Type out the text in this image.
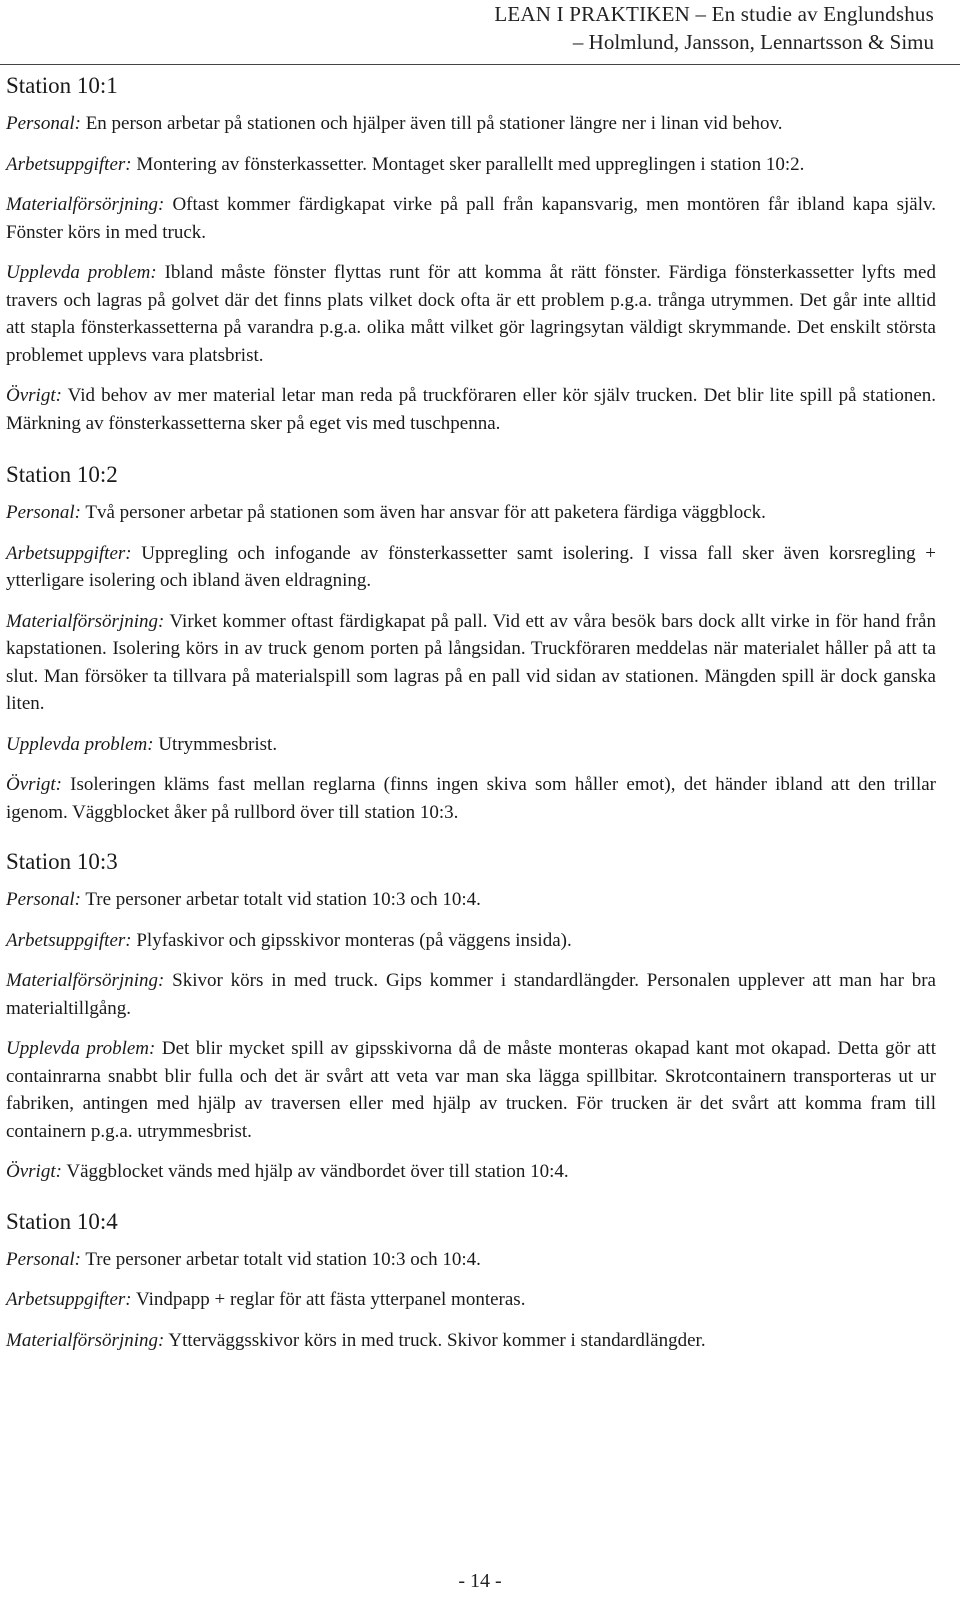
LEAN I PRAKTIKEN – En studie av Englundshus
– Holmlund, Jansson, Lennartsson & Simu
Station 10:1

Personal: En person arbetar på stationen och hjälper även till på stationer längre ner i linan vid behov.

Arbetsuppgifter: Montering av fönsterkassetter. Montaget sker parallellt med uppreglingen i station 10:2.

Materialförsörjning: Oftast kommer färdigkapat virke på pall från kapansvarig, men montören får ibland kapa själv. Fönster körs in med truck.

Upplevda problem: Ibland måste fönster flyttas runt för att komma åt rätt fönster. Färdiga fönsterkassetter lyfts med travers och lagras på golvet där det finns plats vilket dock ofta är ett problem p.g.a. trånga utrymmen. Det går inte alltid att stapla fönsterkassetterna på varandra p.g.a. olika mått vilket gör lagringsytan väldigt skrymmande. Det enskilt största problemet upplevs vara platsbrist.

Övrigt: Vid behov av mer material letar man reda på truckföraren eller kör själv trucken. Det blir lite spill på stationen. Märkning av fönsterkassetterna sker på eget vis med tuschpenna.

Station 10:2

Personal: Två personer arbetar på stationen som även har ansvar för att paketera färdiga väggblock.

Arbetsuppgifter: Uppregling och infogande av fönsterkassetter samt isolering. I vissa fall sker även korsregling + ytterligare isolering och ibland även eldragning.

Materialförsörjning: Virket kommer oftast färdigkapat på pall. Vid ett av våra besök bars dock allt virke in för hand från kapstationen. Isolering körs in av truck genom porten på långsidan. Truckföraren meddelas när materialet håller på att ta slut. Man försöker ta tillvara på materialspill som lagras på en pall vid sidan av stationen. Mängden spill är dock ganska liten.

Upplevda problem: Utrymmesbrist.

Övrigt: Isoleringen kläms fast mellan reglarna (finns ingen skiva som håller emot), det händer ibland att den trillar igenom. Väggblocket åker på rullbord över till station 10:3.

Station 10:3

Personal: Tre personer arbetar totalt vid station 10:3 och 10:4.

Arbetsuppgifter: Plyfaskivor och gipsskivor monteras (på väggens insida).

Materialförsörjning: Skivor körs in med truck. Gips kommer i standardlängder. Personalen upplever att man har bra materialtillgång.

Upplevda problem: Det blir mycket spill av gipsskivorna då de måste monteras okapad kant mot okapad. Detta gör att containrarna snabbt blir fulla och det är svårt att veta var man ska lägga spillbitar. Skrotcontainern transporteras ut ur fabriken, antingen med hjälp av traversen eller med hjälp av trucken. För trucken är det svårt att komma fram till containern p.g.a. utrymmesbrist.

Övrigt: Väggblocket vänds med hjälp av vändbordet över till station 10:4.

Station 10:4

Personal: Tre personer arbetar totalt vid station 10:3 och 10:4.

Arbetsuppgifter: Vindpapp + reglar för att fästa ytterpanel monteras.

Materialförsörjning: Ytterväggsskivor körs in med truck. Skivor kommer i standardlängder.

- 14 -
